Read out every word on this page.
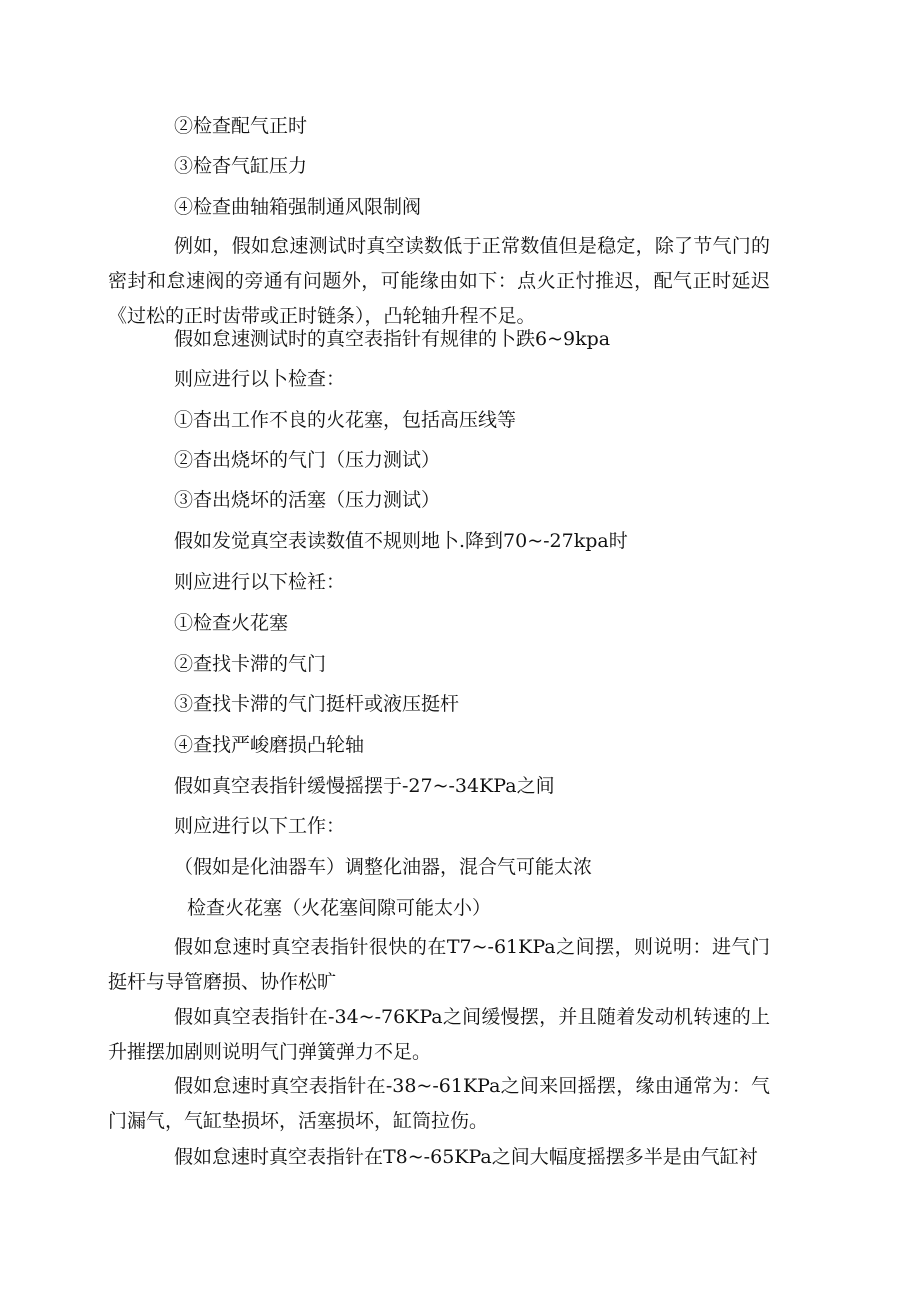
②检查配气正时

③检杳气缸压力

④检查曲轴箱强制通风限制阀

例如，假如怠速测试时真空读数低于正常数值但是稳定，除了节气门的密封和怠速阀的旁通有问题外，可能缘由如下：点火正忖推迟，配气正时延迟《过松的正时齿带或正时链条），凸轮轴升程不足。

假如怠速测试时的真空表指针有规律的卜跌6~9kpa

则应进行以卜检查：

①杳出工作不良的火花塞，包括高压线等

②杳出烧坏的气门（压力测试）

③杳出烧坏的活塞（压力测试）

假如发觉真空表读数值不规则地卜.降到70~-27kpa时

则应进行以下检衽：

①检查火花塞

②查找卡滞的气门

③查找卡滞的气门挺杆或液压挺杆

④查找严峻磨损凸轮轴

假如真空表指针缓慢摇摆于-27~-34KPa之间

则应进行以下工作：

（假如是化油器车）调整化油器，混合气可能太浓

检查火花塞（火花塞间隙可能太小）

假如怠速时真空表指针很快的在T7~-61KPa之间摆，则说明：进气门挺杆与导管磨损、协作松旷

假如真空表指针在-34~-76KPa之间缓慢摆，并且随着发动机转速的上升摧摆加剧则说明气门弹簧弹力不足。

假如怠速时真空表指针在-38~-61KPa之间来回摇摆，缘由通常为：气门漏气，气缸垫损坏，活塞损坏，缸筒拉伤。

假如怠速时真空表指针在T8~-65KPa之间大幅度摇摆多半是由气缸衬
